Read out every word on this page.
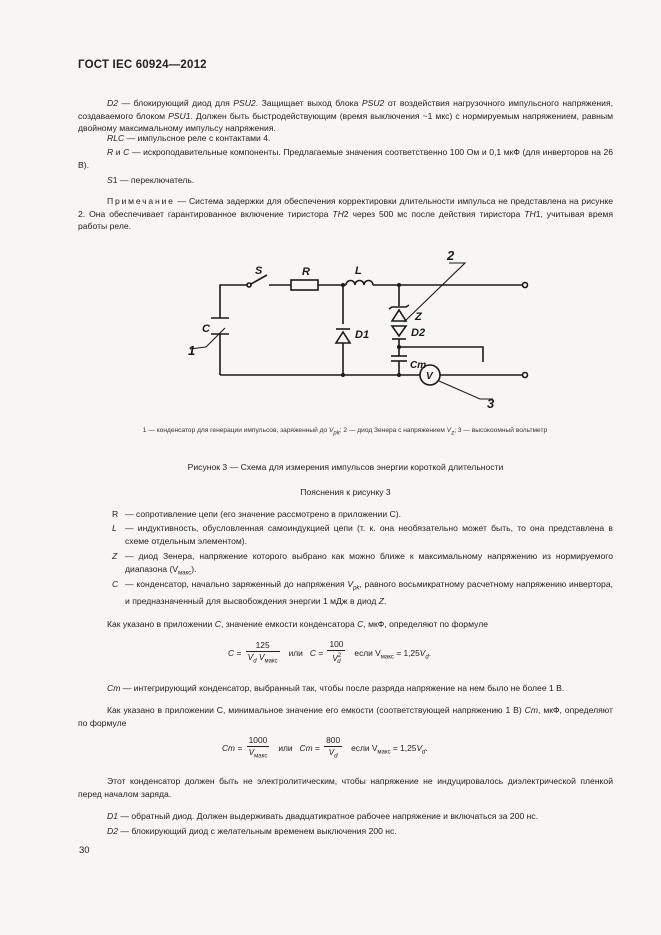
ГОСТ IEC 60924—2012
D2 — блокирующий диод для PSU2. Защищает выход блока PSU2 от воздействия нагрузочного импульсного напряжения, создаваемого блоком PSU1. Должен быть быстродействующим (время выключения ~1 мкс) с нормируемым напряжением, равным двойному максимальному импульсу напряжения.
RLC — импульсное реле с контактами 4.
R и C — искроподавительные компоненты. Предлагаемые значения соответственно 100 Ом и 0,1 мкФ (для инверторов на 26 В).
S1 — переключатель.
Примечание — Система задержки для обеспечения корректировки длительности импульса не представлена на рисунке 2. Она обеспечивает гарантированное включение тиристора TH2 через 500 мс после действия тиристора TH1, учитывая время работы реле.
S	R	L
C	D1	D2
Z
Cm
V
1
2
3
1 — конденсатор для генерации импульсов, заряженный до $V_{pk}$; 2 — диод Зенера с напряжением $V_z$; 3 — высокоомный вольтметр
Рисунок 3 — Схема для измерения импульсов энергии короткой длительности
Пояснения к рисунку 3
R — сопротивление цепи (его значение рассмотрено в приложении С).
L — индуктивность, обусловленная самоиндукцией цепи (т. к. она необязательно может быть, то она представлена в схеме отдельным элементом).
Z — диод Зенера, напряжение которого выбрано как можно ближе к максимальному напряжению из нормируемого диапазона $(V_{макс})$.
C — конденсатор, начально заряженный до напряжения $V_{pk}$, равного восьмикратному расчетному напряжению инвертора, и предназначенный для высвобождения энергии 1 мДж в диод Z.
Как указано в приложении C, значение емкости конденсатора C, мкФ, определяют по формуле
$C = \frac{125}{V_d V_{макс}}$ или $C = \frac{100}{V^2_d}$ если $V_{макс} = 1,25V_d$.
Cm — интегрирующий конденсатор, выбранный так, чтобы после разряда напряжение на нем было не более 1 В.
Как указано в приложении С, минимальное значение его емкости (соответствующей напряжению 1 В) Cm, мкФ, определяют по формуле
$Cm = \frac{1000}{V_{макс}}$ или $Cm = \frac{800}{V_d}$ если $V_{макс} = 1,25V_d$.
Этот конденсатор должен быть не электролитическим, чтобы напряжение не индуцировалось диэлектрической пленкой перед началом заряда.
D1 — обратный диод. Должен выдерживать двадцатикратное рабочее напряжение и включаться за 200 нс.
D2 — блокирующий диод с желательным временем выключения 200 нс.
30
